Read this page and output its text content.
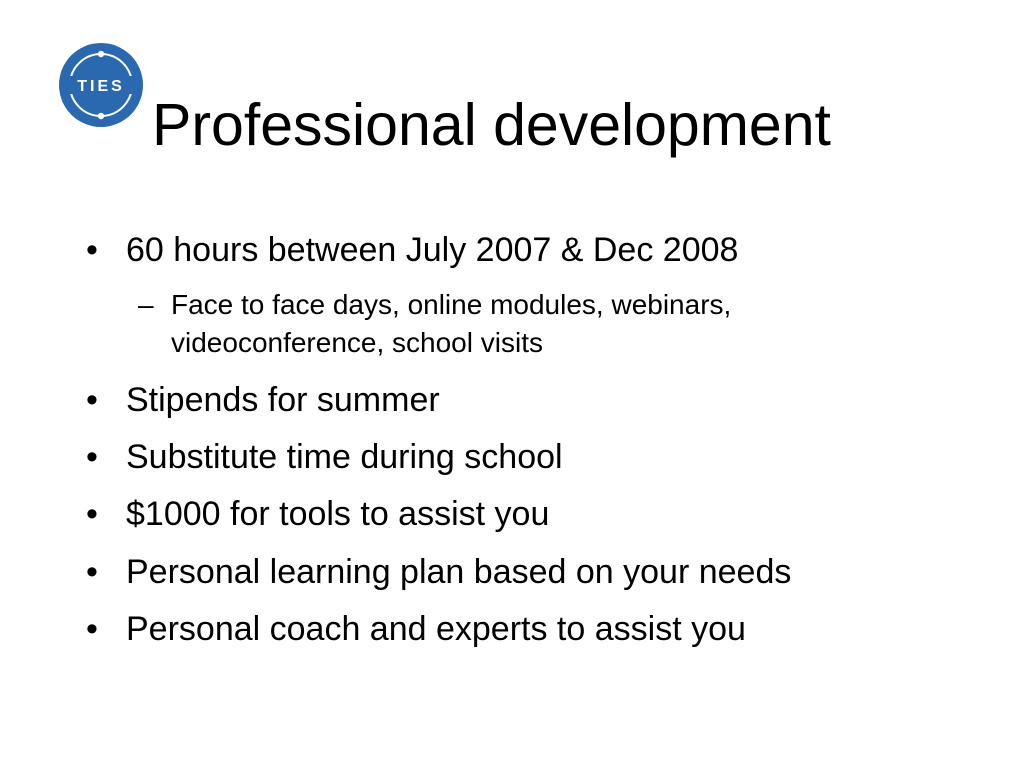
TIES
Professional development
• 60 hours between July 2007 & Dec 2008
– Face to face days, online modules, webinars, videoconference, school visits
• Stipends for summer
• Substitute time during school
• $1000 for tools to assist you
• Personal learning plan based on your needs
• Personal coach and experts to assist you
